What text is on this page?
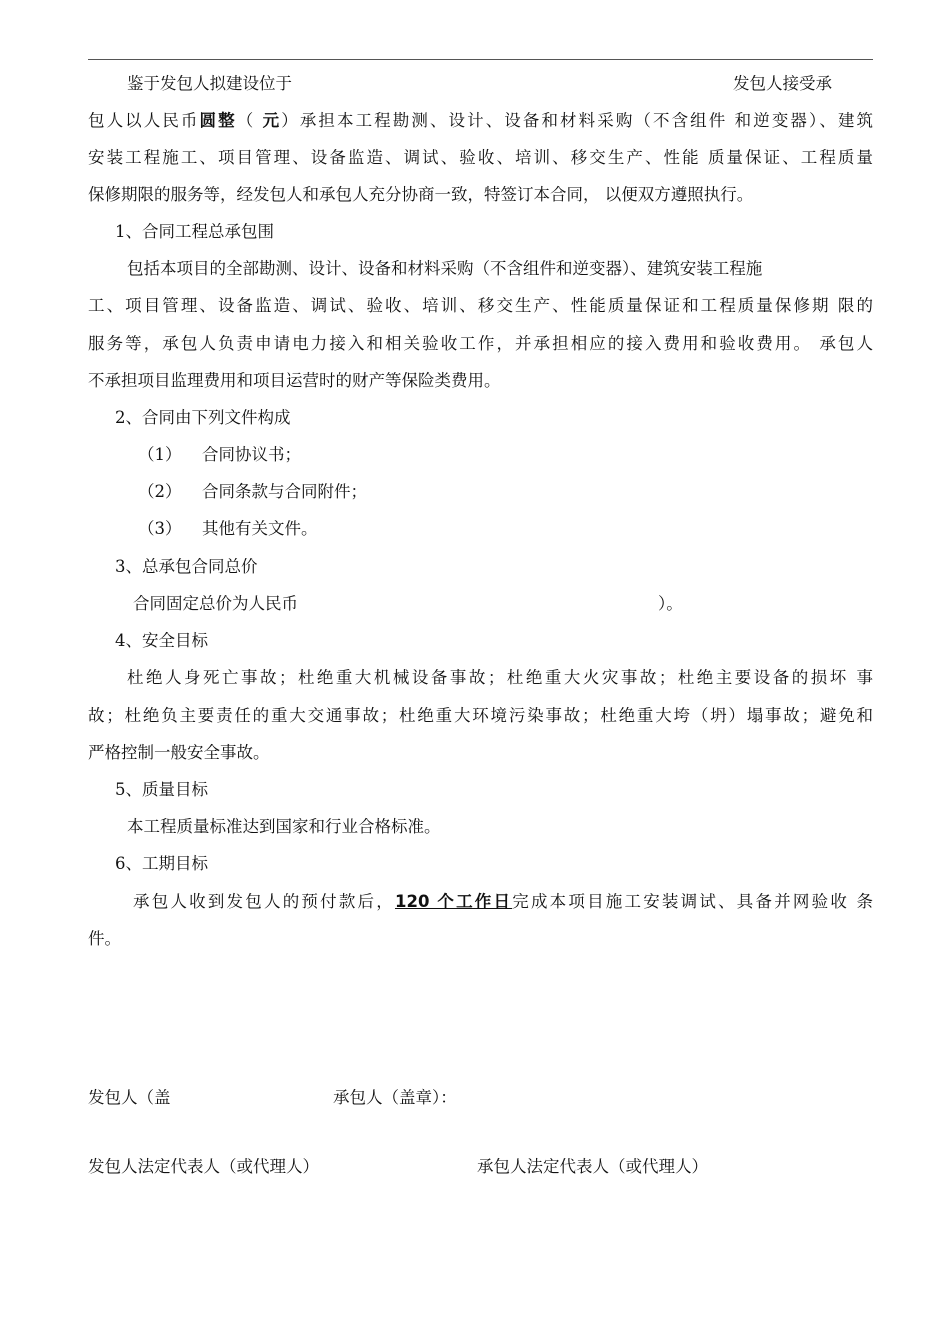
鉴于发包人拟建设位于	发包人接受承
包人以人民币圆整（ 元）承担本工程勘测、设计、设备和材料采购（不含组件 和逆变器）、建筑
安装工程施工、项目管理、设备监造、调试、验收、培训、移交生产、性能 质量保证、工程质量
保修期限的服务等，经发包人和承包人充分协商一致，特签订本合同， 以便双方遵照执行。
1、合同工程总承包围
包括本项目的全部勘测、设计、设备和材料采购（不含组件和逆变器）、建筑安装工程施
工、项目管理、设备监造、调试、验收、培训、移交生产、性能质量保证和工程质量保修期 限的
服务等，承包人负责申请电力接入和相关验收工作，并承担相应的接入费用和验收费用。 承包人
不承担项目监理费用和项目运营时的财产等保险类费用。
2、合同由下列文件构成
（1） 合同协议书；
（2） 合同条款与合同附件；
（3） 其他有关文件。
3、总承包合同总价
合同固定总价为人民币	）。
4、安全目标
杜绝人身死亡事故；杜绝重大机械设备事故；杜绝重大火灾事故；杜绝主要设备的损坏 事
故；杜绝负主要责任的重大交通事故；杜绝重大环境污染事故；杜绝重大垮（坍）塌事故；避免和
严格控制一般安全事故。
5、质量目标
本工程质量标准达到国家和行业合格标准。
6、工期目标
承包人收到发包人的预付款后，120 个工作日完成本项目施工安装调试、具备并网验收 条
件。
发包人（盖	承包人（盖章）：
发包人法定代表人（或代理人）	承包人法定代表人（或代理人）
